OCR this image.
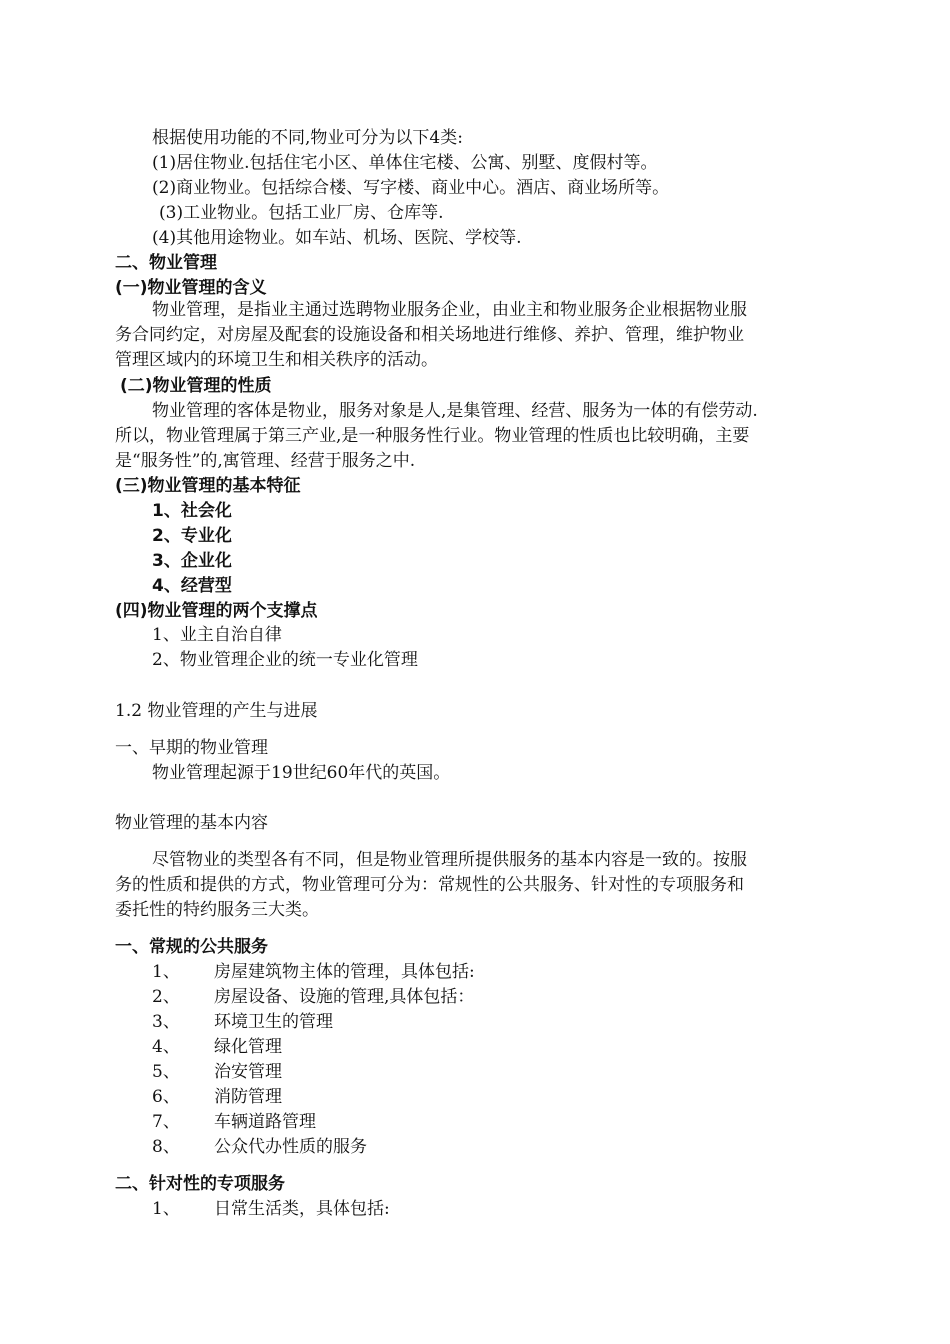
根据使用功能的不同,物业可分为以下4类:
(1)居住物业.包括住宅小区、单体住宅楼、公寓、别墅、度假村等。
(2)商业物业。包括综合楼、写字楼、商业中心。酒店、商业场所等。
(3)工业物业。包括工业厂房、仓库等.
(4)其他用途物业。如车站、机场、医院、学校等.
二、物业管理
(一)物业管理的含义
物业管理，是指业主通过选聘物业服务企业，由业主和物业服务企业根据物业服
务合同约定，对房屋及配套的设施设备和相关场地进行维修、养护、管理，维护物业
管理区域内的环境卫生和相关秩序的活动。
(二)物业管理的性质
物业管理的客体是物业，服务对象是人,是集管理、经营、服务为一体的有偿劳动.
所以，物业管理属于第三产业,是一种服务性行业。物业管理的性质也比较明确，主要
是“服务性”的,寓管理、经营于服务之中.
(三)物业管理的基本特征
1、社会化
2、专业化
3、企业化
4、经营型
(四)物业管理的两个支撑点
1、业主自治自律
2、物业管理企业的统一专业化管理
1.2 物业管理的产生与进展
一、早期的物业管理
物业管理起源于19世纪60年代的英国。
物业管理的基本内容
尽管物业的类型各有不同，但是物业管理所提供服务的基本内容是一致的。按服
务的性质和提供的方式，物业管理可分为：常规性的公共服务、针对性的专项服务和
委托性的特约服务三大类。
一、常规的公共服务
1、 房屋建筑物主体的管理，具体包括:
2、 房屋设备、设施的管理,具体包括：
3、 环境卫生的管理
4、 绿化管理
5、 治安管理
6、 消防管理
7、 车辆道路管理
8、 公众代办性质的服务
二、针对性的专项服务
1、 日常生活类，具体包括:
